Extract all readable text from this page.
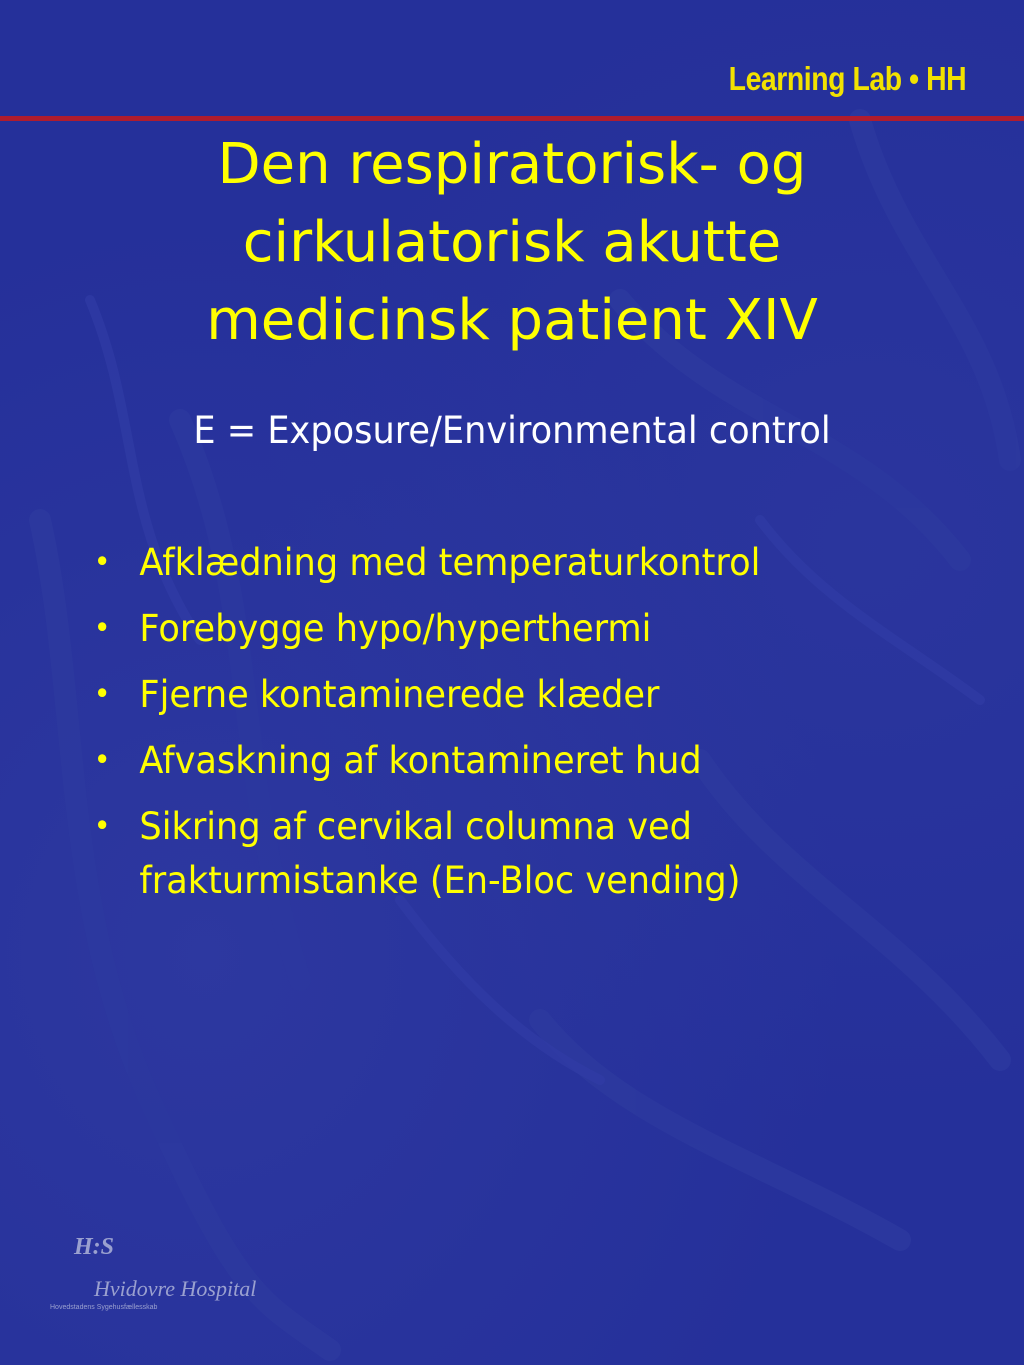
Learning Lab • HH
Den respiratorisk- og
cirkulatorisk akutte
medicinsk patient XIV
E = Exposure/Environmental control
• Afklædning med temperaturkontrol
• Forebygge hypo/hyperthermi
• Fjerne kontaminerede klæder
• Afvaskning af kontamineret hud
• Sikring af cervikal columna ved frakturmistanke (En-Bloc vending)
H:S
Hvidovre Hospital
Hovedstadens Sygehusfællesskab
